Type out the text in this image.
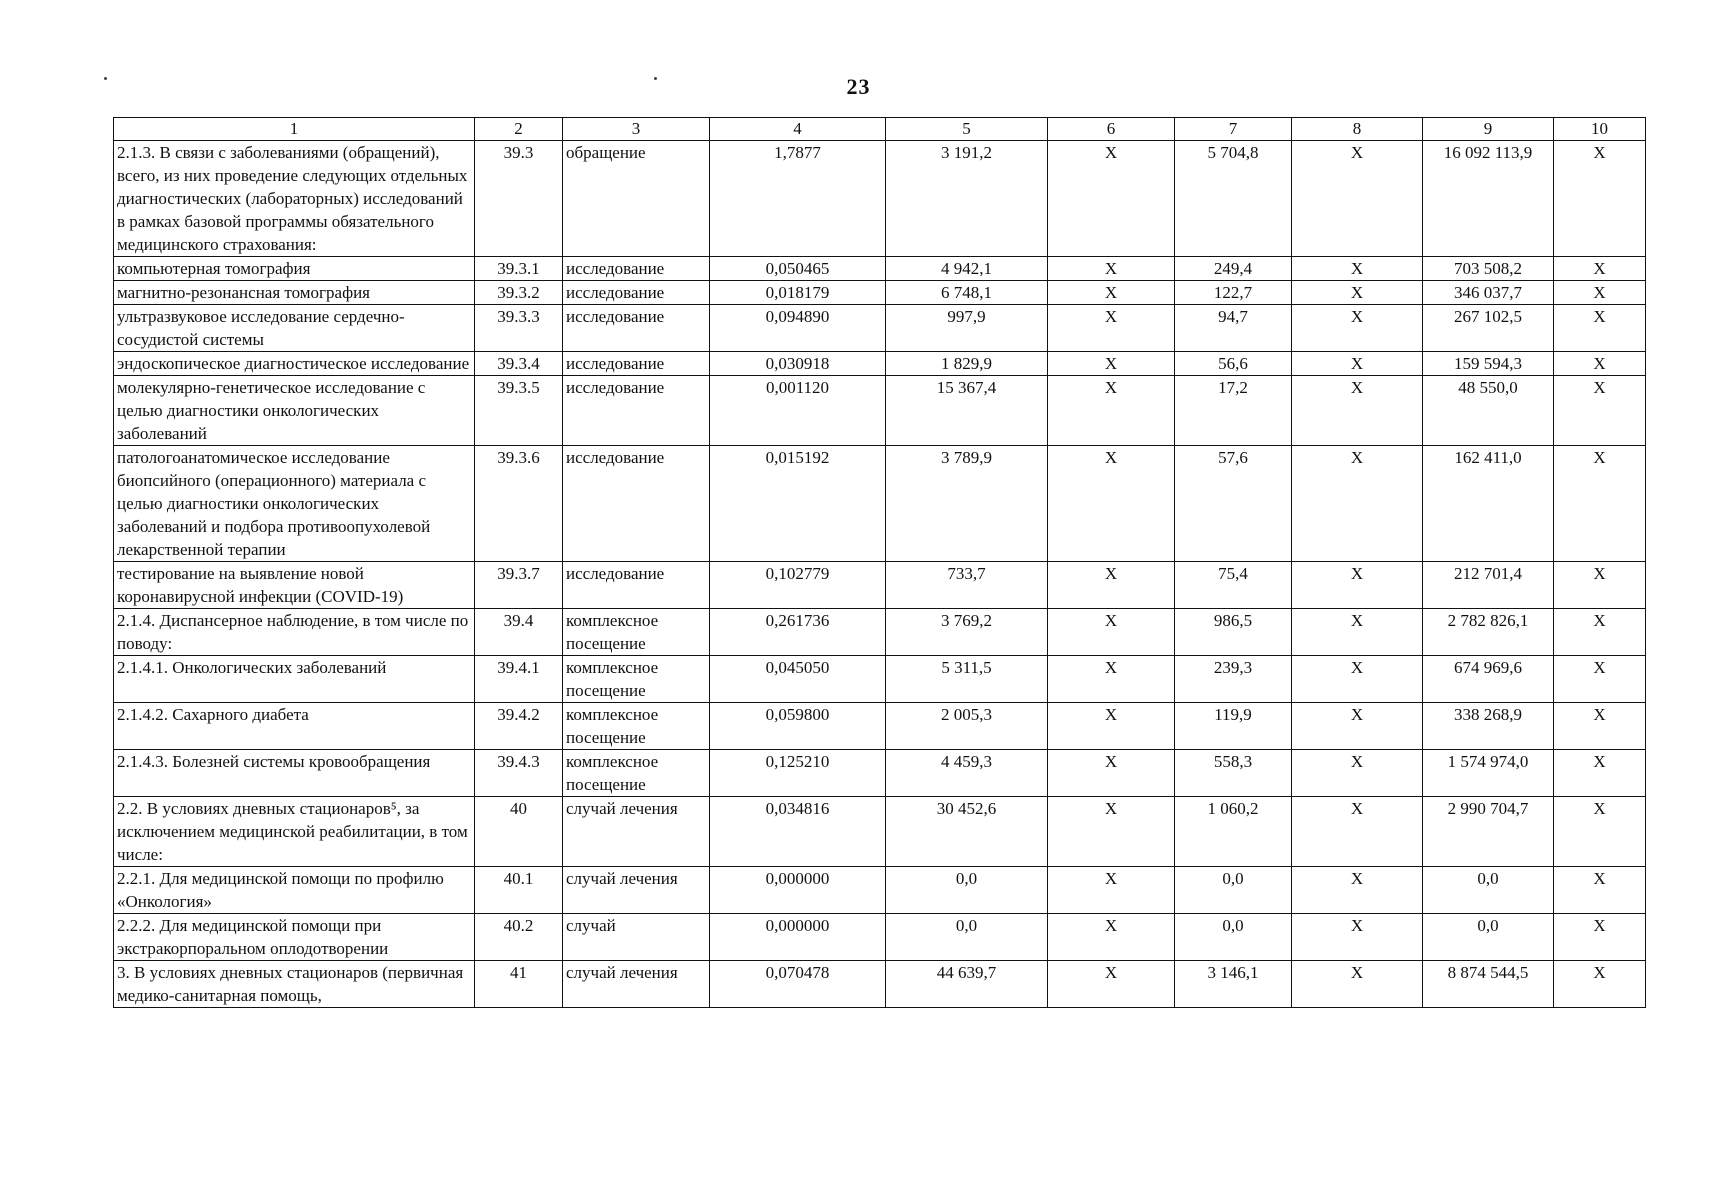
23
1	2	3	4	5	6	7	8	9	10
2.1.3. В связи с заболеваниями (обращений), всего, из них проведение следующих отдельных диагностических (лабораторных) исследований в рамках базовой программы обязательного медицинского страхования:	39.3	обращение	1,7877	3 191,2	X	5 704,8	X	16 092 113,9	X
компьютерная томография	39.3.1	исследование	0,050465	4 942,1	X	249,4	X	703 508,2	X
магнитно-резонансная томография	39.3.2	исследование	0,018179	6 748,1	X	122,7	X	346 037,7	X
ультразвуковое исследование сердечно-сосудистой системы	39.3.3	исследование	0,094890	997,9	X	94,7	X	267 102,5	X
эндоскопическое диагностическое исследование	39.3.4	исследование	0,030918	1 829,9	X	56,6	X	159 594,3	X
молекулярно-генетическое исследование с целью диагностики онкологических заболеваний	39.3.5	исследование	0,001120	15 367,4	X	17,2	X	48 550,0	X
патологоанатомическое исследование биопсийного (операционного) материала с целью диагностики онкологических заболеваний и подбора противоопухолевой лекарственной терапии	39.3.6	исследование	0,015192	3 789,9	X	57,6	X	162 411,0	X
тестирование на выявление новой коронавирусной инфекции (COVID-19)	39.3.7	исследование	0,102779	733,7	X	75,4	X	212 701,4	X
2.1.4. Диспансерное наблюдение, в том числе по поводу:	39.4	комплексное посещение	0,261736	3 769,2	X	986,5	X	2 782 826,1	X
2.1.4.1. Онкологических заболеваний	39.4.1	комплексное посещение	0,045050	5 311,5	X	239,3	X	674 969,6	X
2.1.4.2. Сахарного диабета	39.4.2	комплексное посещение	0,059800	2 005,3	X	119,9	X	338 268,9	X
2.1.4.3. Болезней системы кровообращения	39.4.3	комплексное посещение	0,125210	4 459,3	X	558,3	X	1 574 974,0	X
2.2. В условиях дневных стационаров⁵, за исключением медицинской реабилитации, в том числе:	40	случай лечения	0,034816	30 452,6	X	1 060,2	X	2 990 704,7	X
2.2.1. Для медицинской помощи по профилю «Онкология»	40.1	случай лечения	0,000000	0,0	X	0,0	X	0,0	X
2.2.2. Для медицинской помощи при экстракорпоральном оплодотворении	40.2	случай	0,000000	0,0	X	0,0	X	0,0	X
3. В условиях дневных стационаров (первичная медико-санитарная помощь,	41	случай лечения	0,070478	44 639,7	X	3 146,1	X	8 874 544,5	X
